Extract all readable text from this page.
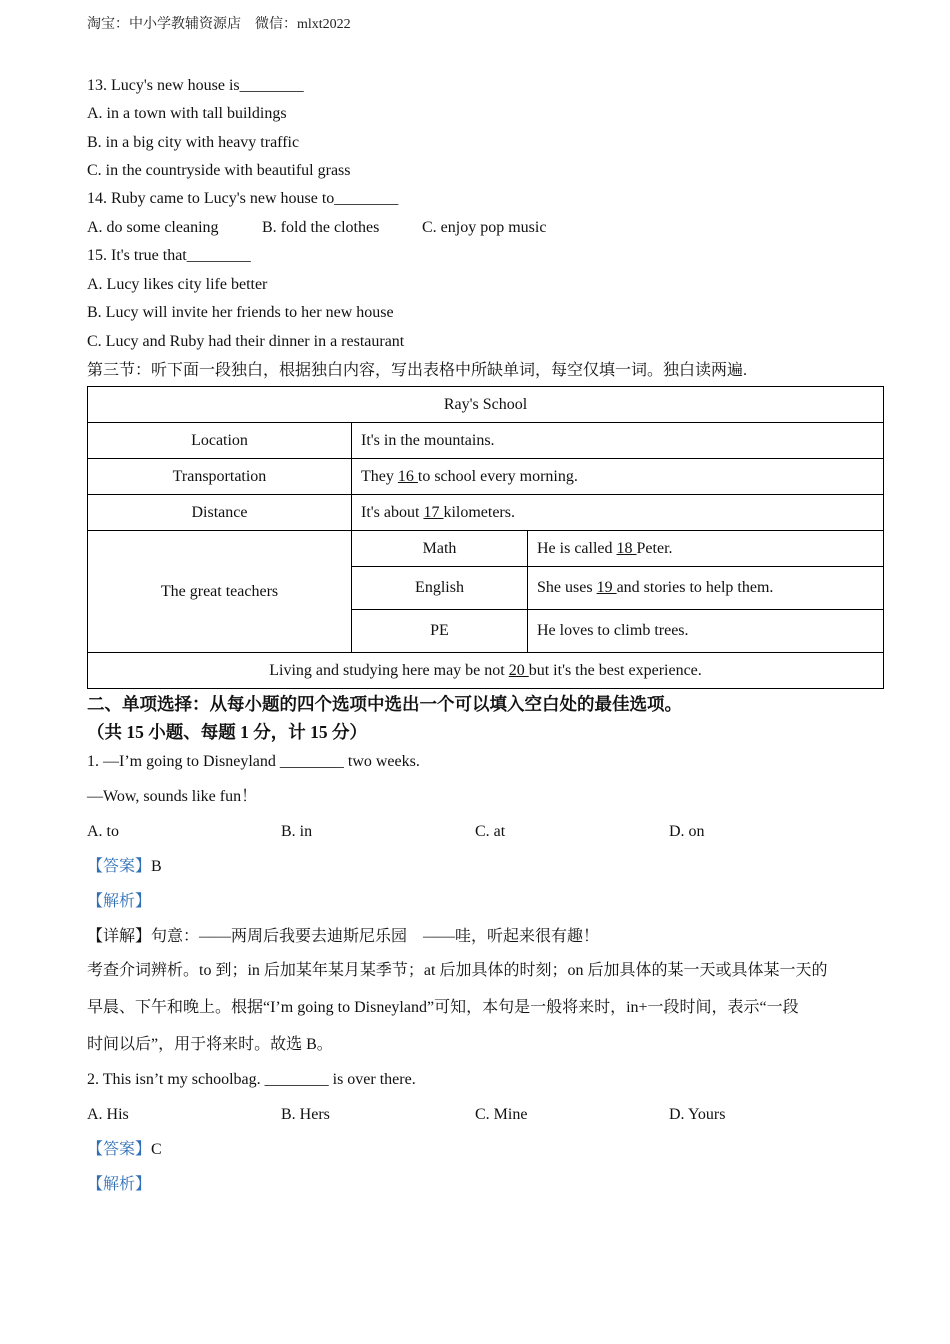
淘宝：中小学教辅资源店　微信：mlxt2022
13. Lucy's new house is________
A. in a town with tall buildings
B. in a big city with heavy traffic
C. in the countryside with beautiful grass
14. Ruby came to Lucy's new house to________
A. do some cleaning	B. fold the clothes	C. enjoy pop music
15. It's true that________
A. Lucy likes city life better
B. Lucy will invite her friends to her new house
C. Lucy and Ruby had their dinner in a restaurant
第三节：听下面一段独白，根据独白内容，写出表格中所缺单词，每空仅填一词。独白读两遍.
Ray's School		
Location	It's in the mountains.	
Transportation	They 16 to school every morning.	
Distance	It's about 17 kilometers.	
The great teachers	Math	He is called 18 Peter.
	English	She uses 19 and stories to help them.
	PE	He loves to climb trees.
Living and studying here may be not 20 but it's the best experience.		
二、单项选择：从每小题的四个选项中选出一个可以填入空白处的最佳选项。
（共 15 小题、每题 1 分，计 15 分）
1. —I’m going to Disneyland ________ two weeks.
—Wow, sounds like fun！
A. to	B. in	C. at	D. on
【答案】B
【解析】
【详解】句意：——两周后我要去迪斯尼乐园　——哇，听起来很有趣！
考查介词辨析。to 到；in 后加某年某月某季节；at 后加具体的时刻；on 后加具体的某一天或具体某一天的
早晨、下午和晚上。根据“I’m going to Disneyland”可知，本句是一般将来时，in+一段时间，表示“一段
时间以后”，用于将来时。故选 B。
2. This isn’t my schoolbag. ________ is over there.
A. His	B. Hers	C. Mine	D. Yours
【答案】C
【解析】
